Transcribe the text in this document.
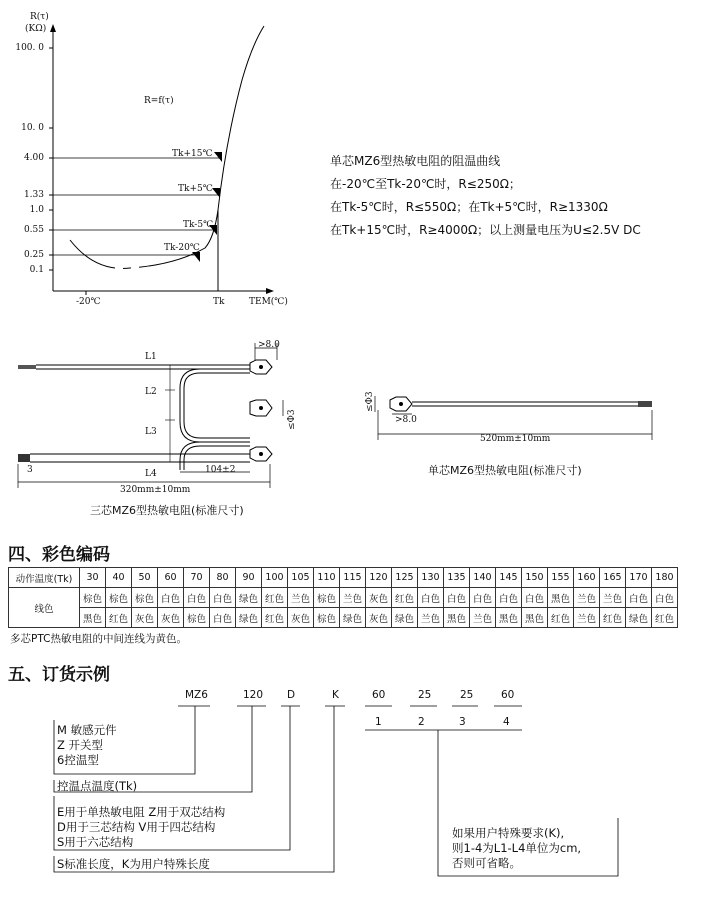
R(τ)
(KΩ)
100. 0
10. 0
4.00
1.33
1.0
0.55
0.25
0.1
-20℃	Tk	TEM(℃)
R=f(τ)
Tk+15℃
Tk+5℃
Tk-5℃
Tk-20℃
单芯MZ6型热敏电阻的阻温曲线
在-20℃至Tk-20℃时，R≤250Ω；
在Tk-5℃时，R≤550Ω；在Tk+5℃时，R≥1330Ω
在Tk+15℃时，R≥4000Ω；以上测量电压为U≤2.5V DC
>8.0
L1
L2
L3
L4
≤Φ3
3	104±2
320mm±10mm
三芯MZ6型热敏电阻(标准尺寸)
≤Φ3
>8.0
520mm±10mm
单芯MZ6型热敏电阻(标准尺寸)
四、彩色编码
动作温度(Tk)	30	40	50	60	70	80	90	100	105	110	115	120	125	130	135	140	145	150	155	160	165	170	180
线色	棕色	棕色	棕色	白色	白色	白色	绿色	红色	兰色	棕色	兰色	灰色	红色	白色	白色	白色	白色	白色	黑色	兰色	兰色	白色	白色
	黑色	红色	灰色	灰色	棕色	白色	绿色	红色	灰色	棕色	绿色	灰色	绿色	兰色	黑色	兰色	黑色	黑色	红色	兰色	红色	绿色	红色
多芯PTC热敏电阻的中间连线为黄色。
五、订货示例
MZ6	120 D	K	60	25	25	60
1	2	3	4
M 敏感元件
Z 开关型
6控温型
控温点温度(Tk)
E用于单热敏电阻 Z用于双芯结构
D用于三芯结构 V用于四芯结构
S用于六芯结构
S标准长度，K为用户特殊长度
如果用户特殊要求(K),
则1-4为L1-L4单位为cm,
否则可省略。
